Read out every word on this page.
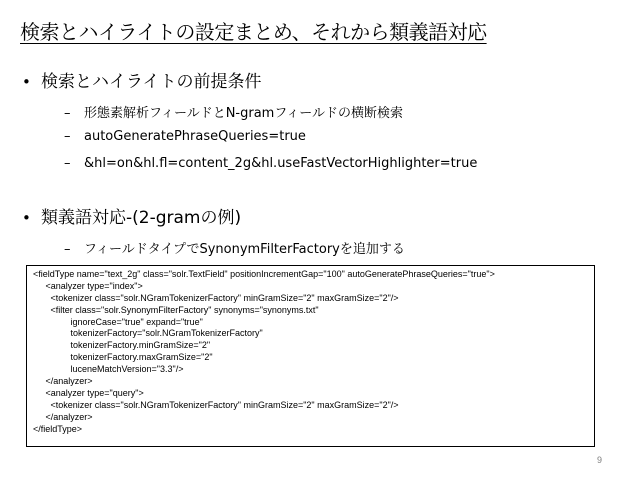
検索とハイライトの設定まとめ、それから類義語対応
• 検索とハイライトの前提条件
–	形態素解析フィールドとN-gramフィールドの横断検索
–	autoGeneratePhraseQueries=true
–	&hl=on&hl.fl=content_2g&hl.useFastVectorHighlighter=true
• 類義語対応-(2-gramの例)
–	フィールドタイプでSynonymFilterFactoryを追加する
<fieldType name="text_2g" class="solr.TextField" positionIncrementGap="100" autoGeneratePhraseQueries="true">
<analyzer type="index">
<tokenizer class="solr.NGramTokenizerFactory" minGramSize="2" maxGramSize="2"/>
<filter class="solr.SynonymFilterFactory" synonyms="synonyms.txt"
ignoreCase="true" expand="true"
tokenizerFactory="solr.NGramTokenizerFactory"
tokenizerFactory.minGramSize="2"
tokenizerFactory.maxGramSize="2"
luceneMatchVersion="3.3"/>
</analyzer>
<analyzer type="query">
<tokenizer class="solr.NGramTokenizerFactory" minGramSize="2" maxGramSize="2"/>
</analyzer>
</fieldType>
9
